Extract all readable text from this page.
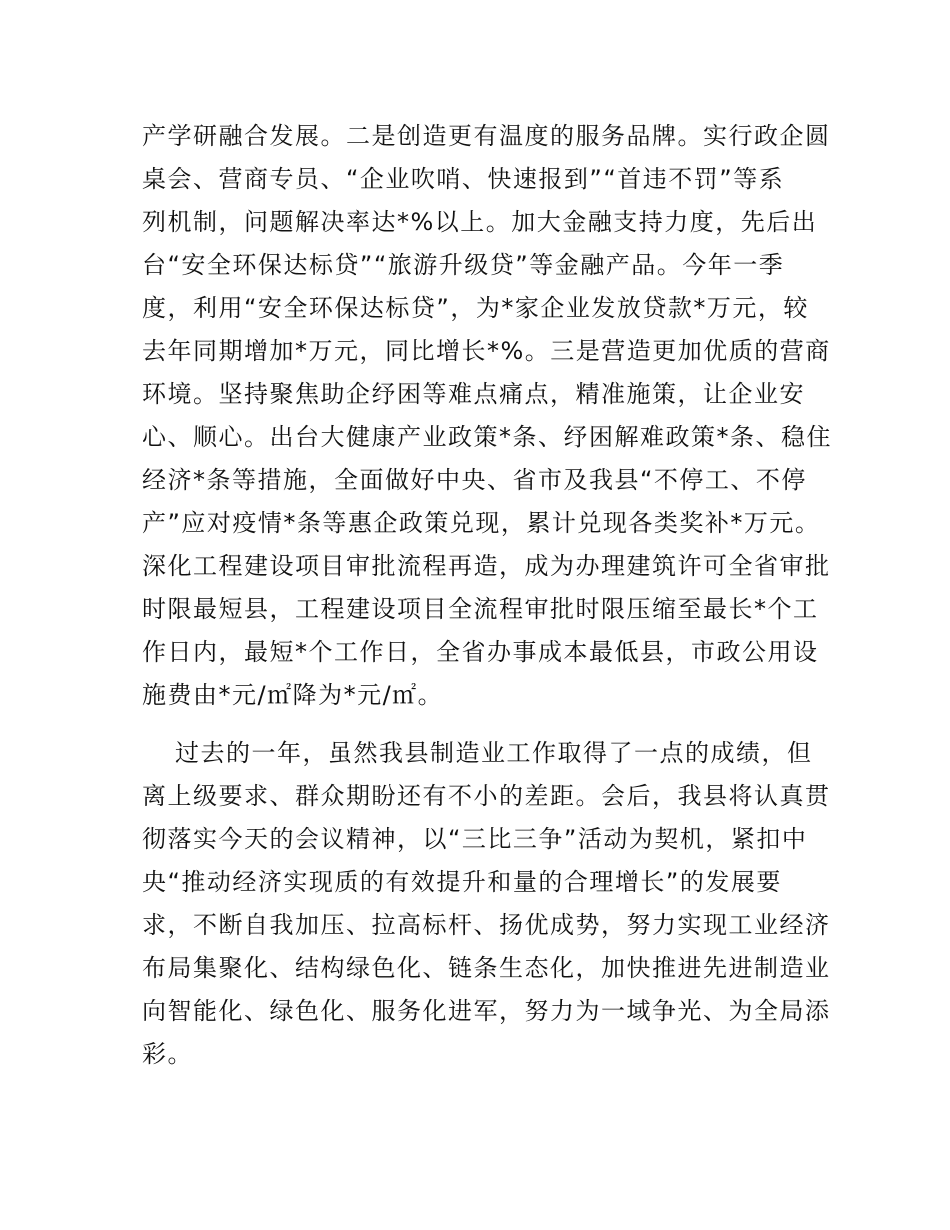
产学研融合发展。二是创造更有温度的服务品牌。实行政企圆
桌会、营商专员、“企业吹哨、快速报到”“首违不罚”等系
列机制，问题解决率达*%以上。加大金融支持力度，先后出
台“安全环保达标贷”“旅游升级贷”等金融产品。今年一季
度，利用“安全环保达标贷”，为*家企业发放贷款*万元，较
去年同期增加*万元，同比增长*%。三是营造更加优质的营商
环境。坚持聚焦助企纾困等难点痛点，精准施策，让企业安
心、顺心。出台大健康产业政策*条、纾困解难政策*条、稳住
经济*条等措施，全面做好中央、省市及我县“不停工、不停
产”应对疫情*条等惠企政策兑现，累计兑现各类奖补*万元。
深化工程建设项目审批流程再造，成为办理建筑许可全省审批
时限最短县，工程建设项目全流程审批时限压缩至最长*个工
作日内，最短*个工作日，全省办事成本最低县，市政公用设
施费由*元/㎡降为*元/㎡。
过去的一年，虽然我县制造业工作取得了一点的成绩，但
离上级要求、群众期盼还有不小的差距。会后，我县将认真贯
彻落实今天的会议精神，以“三比三争”活动为契机，紧扣中
央“推动经济实现质的有效提升和量的合理增长”的发展要
求，不断自我加压、拉高标杆、扬优成势，努力实现工业经济
布局集聚化、结构绿色化、链条生态化，加快推进先进制造业
向智能化、绿色化、服务化进军，努力为一域争光、为全局添
彩。
